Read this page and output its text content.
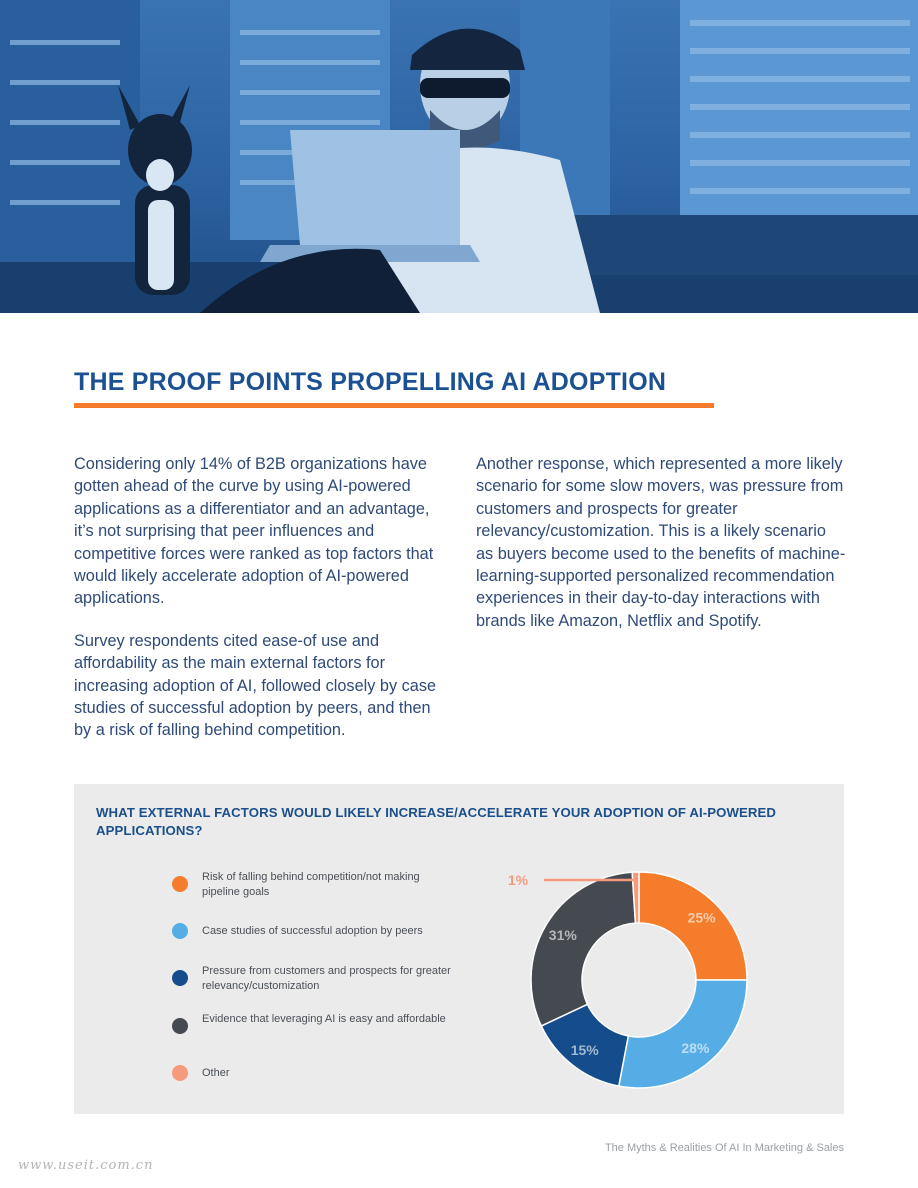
THE PROOF POINTS PROPELLING AI ADOPTION

Considering only 14% of B2B organizations have gotten ahead of the curve by using AI-powered applications as a differentiator and an advantage, it’s not surprising that peer influences and competitive forces were ranked as top factors that would likely accelerate adoption of AI-powered applications.

Survey respondents cited ease-of use and affordability as the main external factors for increasing adoption of AI, followed closely by case studies of successful adoption by peers, and then by a risk of falling behind competition.

Another response, which represented a more likely scenario for some slow movers, was pressure from customers and prospects for greater relevancy/customization. This is a likely scenario as buyers become used to the benefits of machine-learning-supported personalized recommendation experiences in their day-to-day interactions with brands like Amazon, Netflix and Spotify.

WHAT EXTERNAL FACTORS WOULD LIKELY INCREASE/ACCELERATE YOUR ADOPTION OF AI-POWERED APPLICATIONS?
Risk of falling behind competition/not making pipeline goals
Case studies of successful adoption by peers
Pressure from customers and prospects for greater relevancy/customization
Evidence that leveraging AI is easy and affordable
Other
25%
28%
15%
31%
1%
The Myths & Realities Of AI In Marketing & Sales
www.useit.com.cn
